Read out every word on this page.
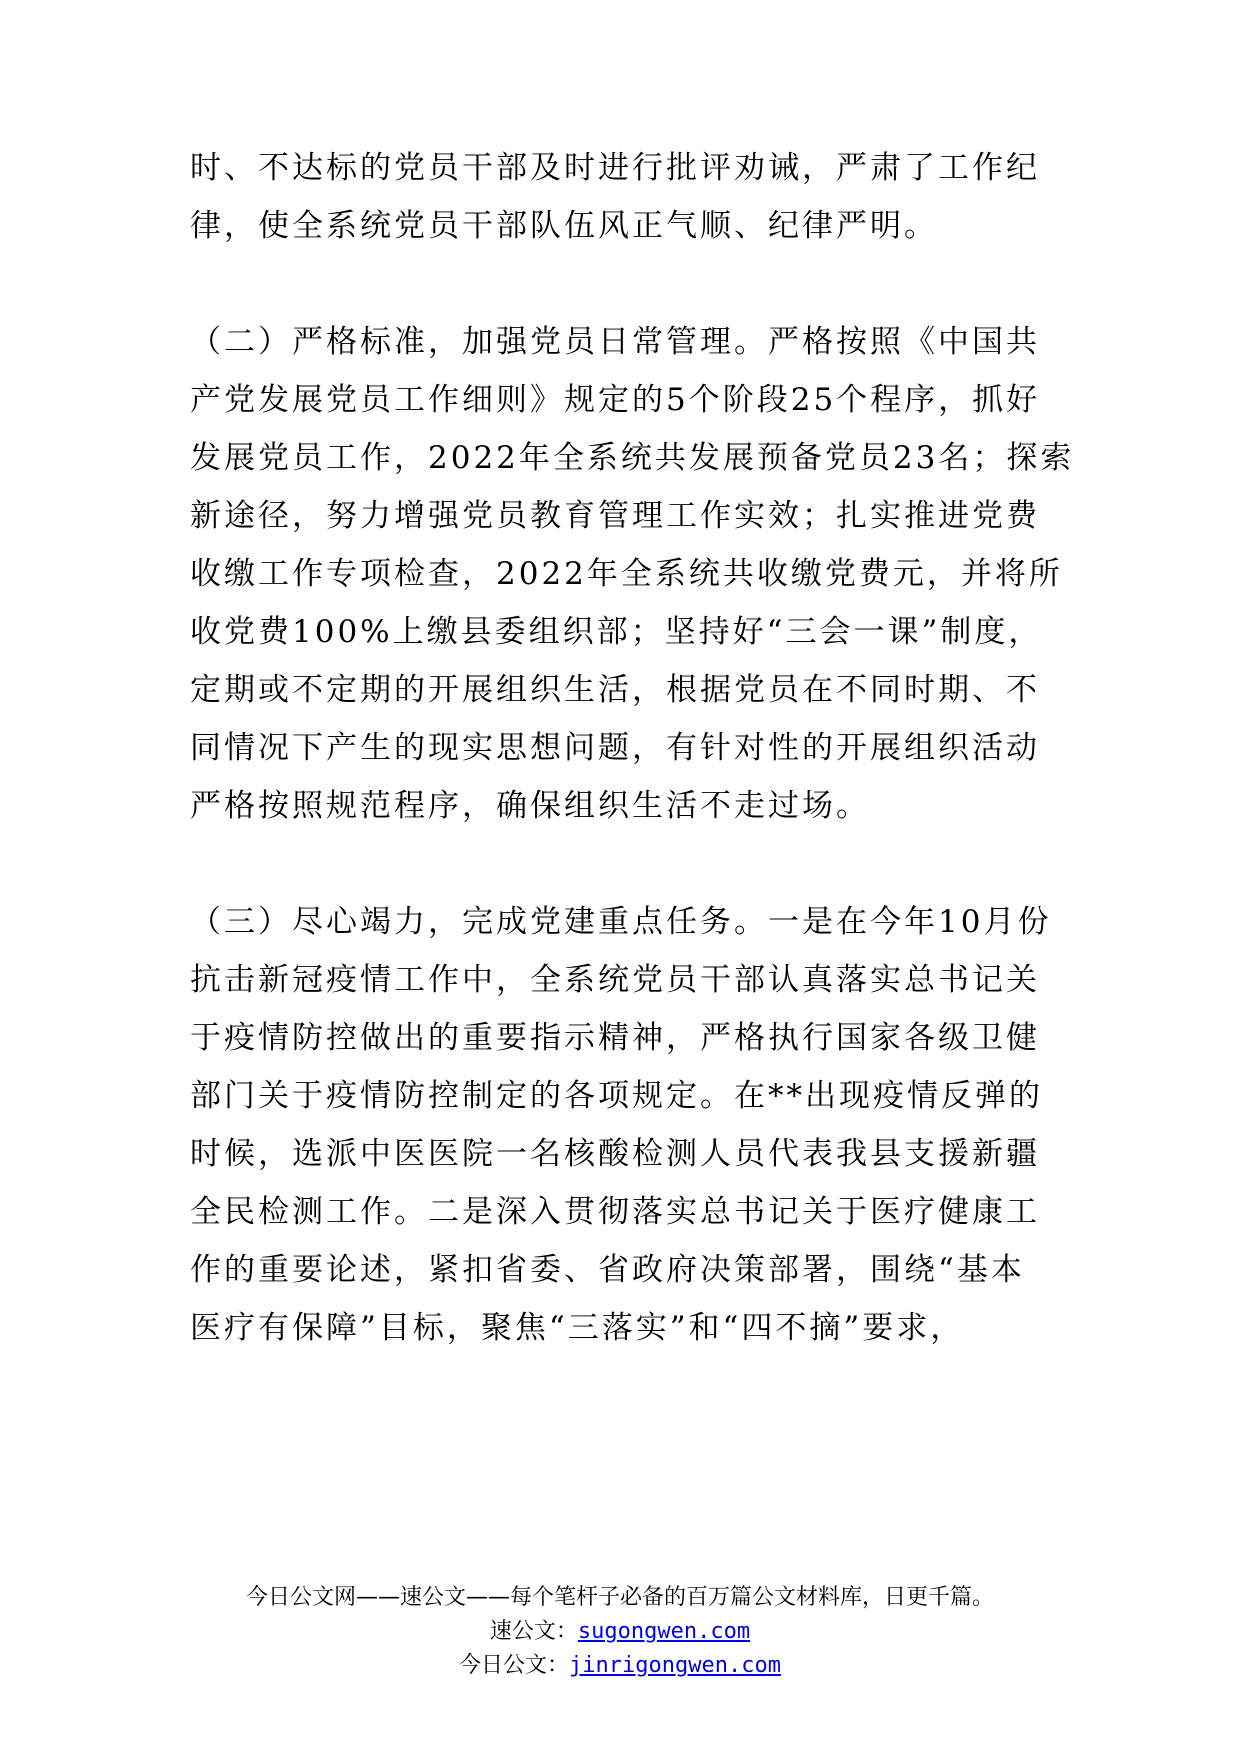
时、不达标的党员干部及时进行批评劝诫，严肃了工作纪
律，使全系统党员干部队伍风正气顺、纪律严明。
（二）严格标准，加强党员日常管理。严格按照《中国共
产党发展党员工作细则》规定的5个阶段25个程序，抓好
发展党员工作，2022年全系统共发展预备党员23名；探索
新途径，努力增强党员教育管理工作实效；扎实推进党费
收缴工作专项检查，2022年全系统共收缴党费元，并将所
收党费100%上缴县委组织部；坚持好“三会一课”制度，
定期或不定期的开展组织生活，根据党员在不同时期、不
同情况下产生的现实思想问题，有针对性的开展组织活动
严格按照规范程序，确保组织生活不走过场。
（三）尽心竭力，完成党建重点任务。一是在今年10月份
抗击新冠疫情工作中，全系统党员干部认真落实总书记关
于疫情防控做出的重要指示精神，严格执行国家各级卫健
部门关于疫情防控制定的各项规定。在**出现疫情反弹的
时候，选派中医医院一名核酸检测人员代表我县支援新疆
全民检测工作。二是深入贯彻落实总书记关于医疗健康工
作的重要论述，紧扣省委、省政府决策部署，围绕“基本
医疗有保障”目标，聚焦“三落实”和“四不摘”要求，
今日公文网——速公文——每个笔杆子必备的百万篇公文材料库，日更千篇。
速公文：sugongwen.com
今日公文：jinrigongwen.com
